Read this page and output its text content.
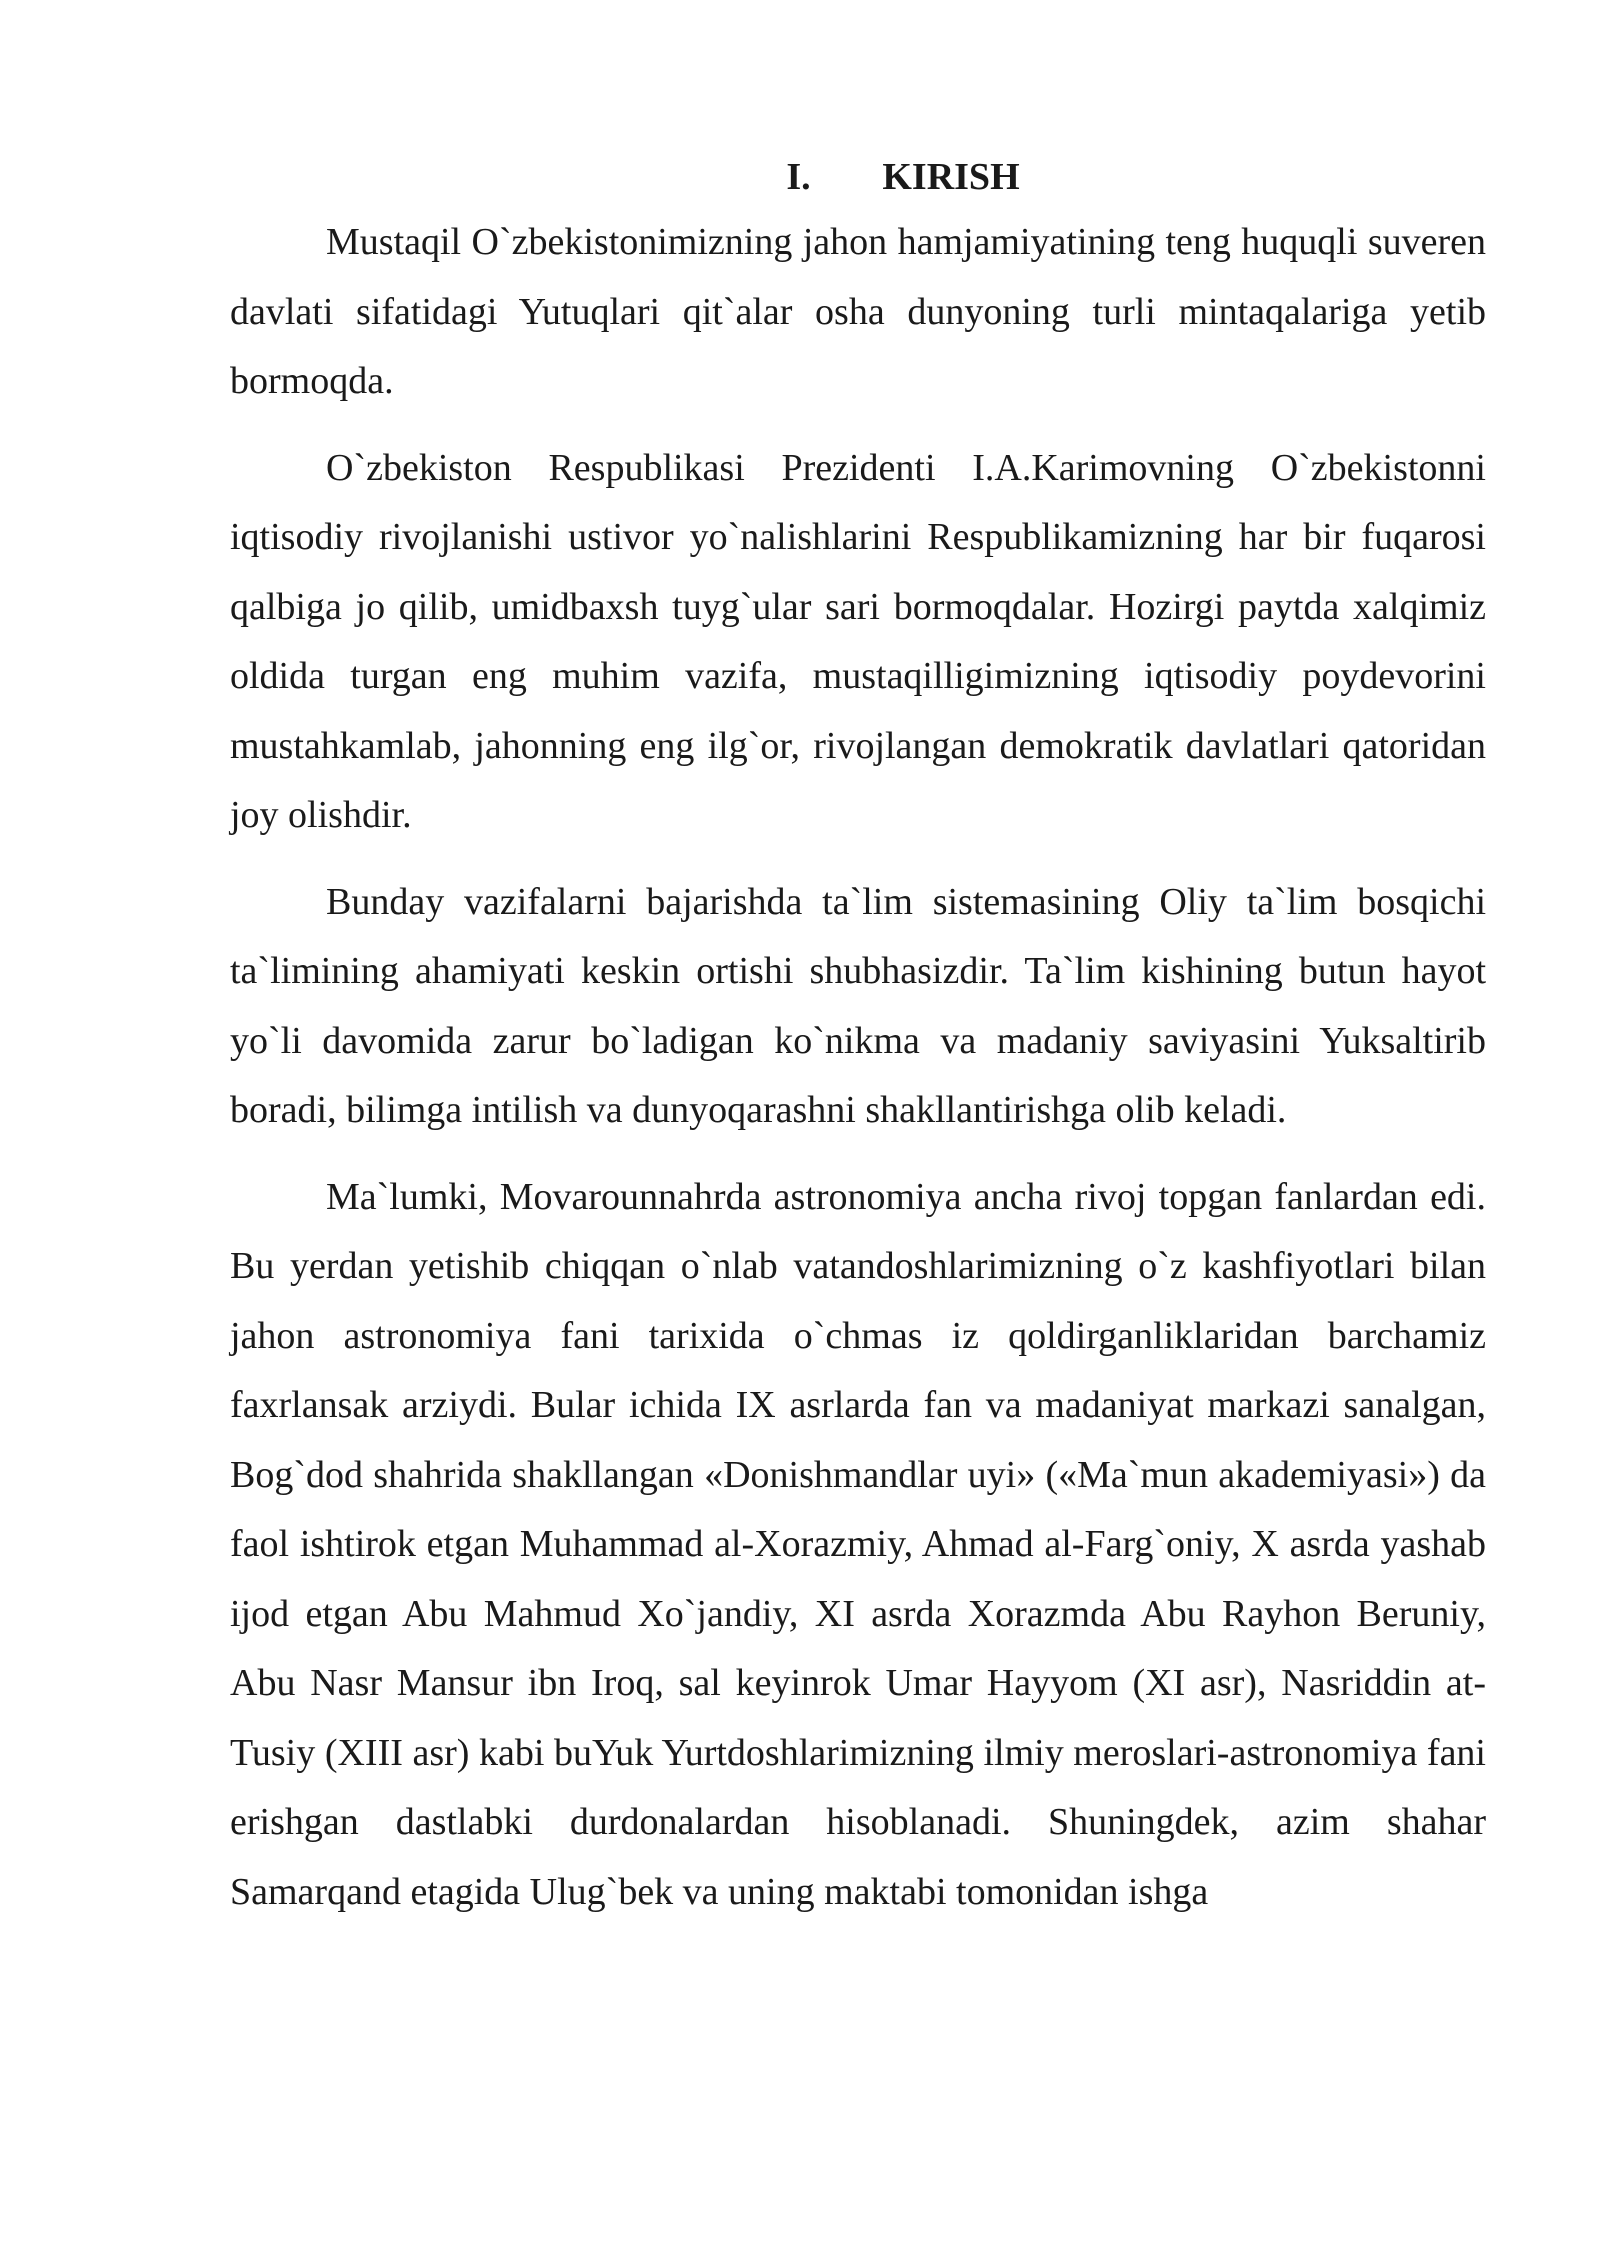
I. KIRISH

Mustaqil O`zbekistonimizning jahon hamjamiyatining teng huquqli suveren davlati sifatidagi Yutuqlari qit`alar osha dunyoning turli mintaqalariga yetib bormoqda.

O`zbekiston Respublikasi Prezidenti I.A.Karimovning O`zbekistonni iqtisodiy rivojlanishi ustivor yo`nalishlarini Respublikamizning har bir fuqarosi qalbiga jo qilib, umidbaxsh tuyg`ular sari bormoqdalar. Hozirgi paytda xalqimiz oldida turgan eng muhim vazifa, mustaqilligimizning iqtisodiy poydevorini mustahkamlab, jahonning eng ilg`or, rivojlangan demokratik davlatlari qatoridan joy olishdir.

Bunday vazifalarni bajarishda ta`lim sistemasining Oliy ta`lim bosqichi ta`limining ahamiyati keskin ortishi shubhasizdir. Ta`lim kishining butun hayot yo`li davomida zarur bo`ladigan ko`nikma va madaniy saviyasini Yuksaltirib boradi, bilimga intilish va dunyoqarashni shakllantirishga olib keladi.

Ma`lumki, Movarounnahrda astronomiya ancha rivoj topgan fanlardan edi. Bu yerdan yetishib chiqqan o`nlab vatandoshlarimizning o`z kashfiyotlari bilan jahon astronomiya fani tarixida o`chmas iz qoldirganliklaridan barchamiz faxrlansak arziydi. Bular ichida IX asrlarda fan va madaniyat markazi sanalgan, Bog`dod shahrida shakllangan «Donishmandlar uyi» («Ma`mun akademiyasi») da faol ishtirok etgan Muhammad al-Xorazmiy, Ahmad al-Farg`oniy, X asrda yashab ijod etgan Abu Mahmud Xo`jandiy, XI asrda Xorazmda Abu Rayhon Beruniy, Abu Nasr Mansur ibn Iroq, sal keyinrok Umar Hayyom (XI asr), Nasriddin at-Tusiy (XIII asr) kabi buYuk Yurtdoshlarimizning ilmiy meroslari-astronomiya fani erishgan dastlabki durdonalardan hisoblanadi. Shuningdek, azim shahar Samarqand etagida Ulug`bek va uning maktabi tomonidan ishga
